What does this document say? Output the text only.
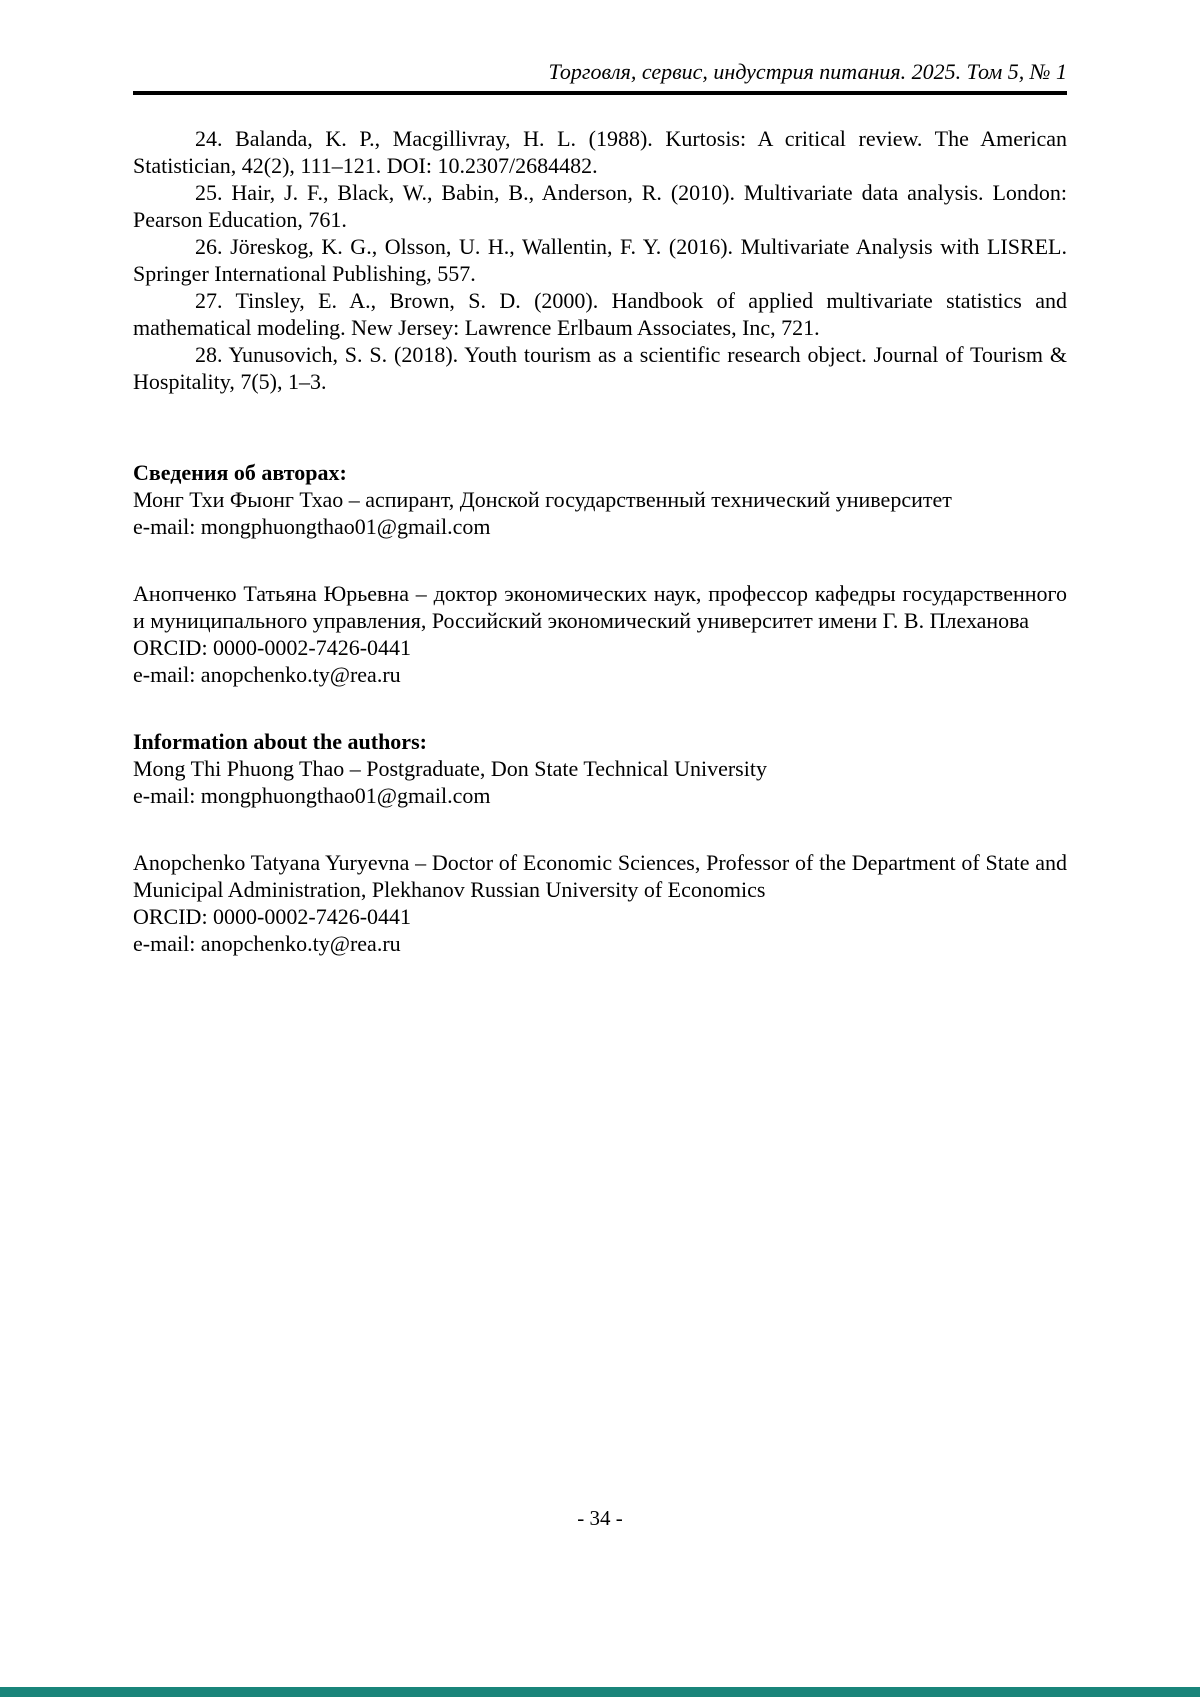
Торговля, сервис, индустрия питания. 2025. Том 5, № 1

24. Balanda, K. P., Macgillivray, H. L. (1988). Kurtosis: A critical review. The American Statistician, 42(2), 111–121. DOI: 10.2307/2684482.

25. Hair, J. F., Black, W., Babin, B., Anderson, R. (2010). Multivariate data analysis. London: Pearson Education, 761.

26. Jöreskog, K. G., Olsson, U. H., Wallentin, F. Y. (2016). Multivariate Analysis with LISREL. Springer International Publishing, 557.

27. Tinsley, E. A., Brown, S. D. (2000). Handbook of applied multivariate statistics and mathematical modeling. New Jersey: Lawrence Erlbaum Associates, Inc, 721.

28. Yunusovich, S. S. (2018). Youth tourism as a scientific research object. Journal of Tourism & Hospitality, 7(5), 1–3.

Сведения об авторах:

Монг Тхи Фыонг Тхао – аспирант, Донской государственный технический университет

e-mail: mongphuongthao01@gmail.com

Анопченко Татьяна Юрьевна – доктор экономических наук, профессор кафедры государственного и муниципального управления, Российский экономический университет имени Г. В. Плеханова

ORCID: 0000-0002-7426-0441

e-mail: anopchenko.ty@rea.ru

Information about the authors:

Mong Thi Phuong Thao – Postgraduate, Don State Technical University

e-mail: mongphuongthao01@gmail.com

Anopchenko Tatyana Yuryevna – Doctor of Economic Sciences, Professor of the Department of State and Municipal Administration, Plekhanov Russian University of Economics

ORCID: 0000-0002-7426-0441

e-mail: anopchenko.ty@rea.ru

- 34 -
